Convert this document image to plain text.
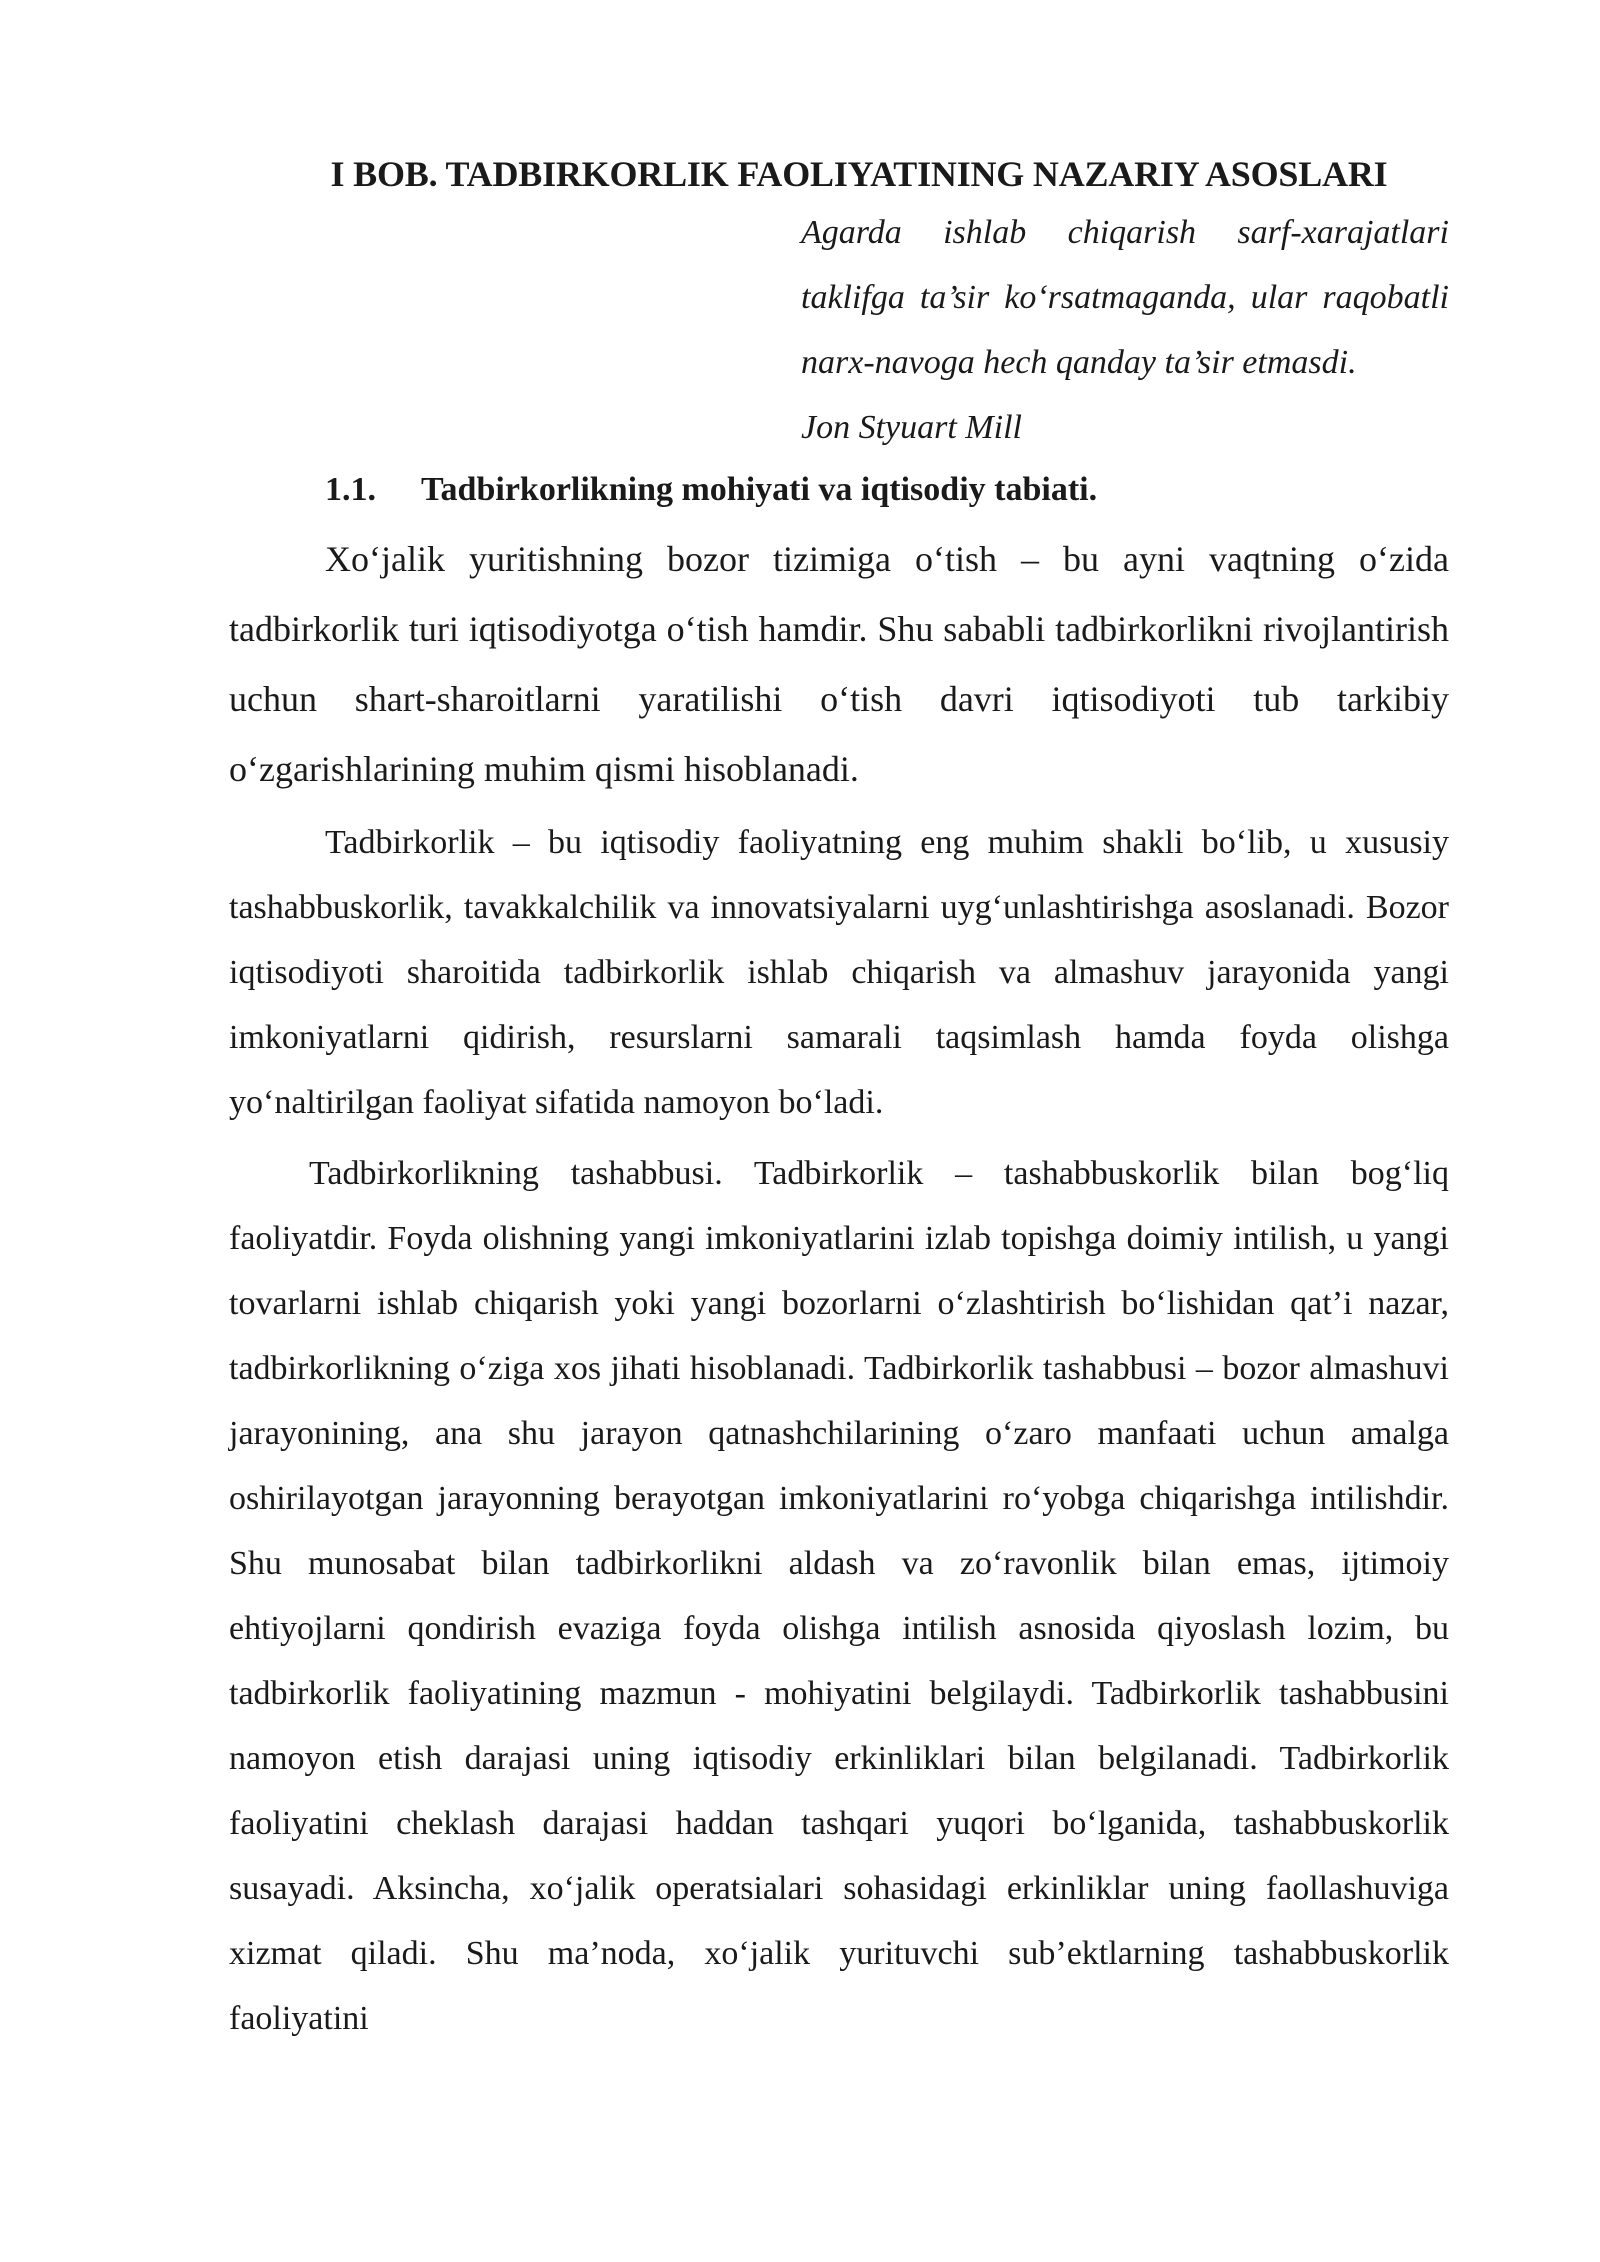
I BOB. TADBIRKORLIK FAOLIYATINING NAZARIY ASOSLARI
Agarda ishlab chiqarish sarf-xarajatlari taklifga ta’sir ko‘rsatmaganda, ular raqobatli narx-navoga hech qanday ta’sir etmasdi.
Jon Styuart Mill
1.1.	Tadbirkorlikning mohiyati va iqtisodiy tabiati.

Xo‘jalik yuritishning bozor tizimiga o‘tish – bu ayni vaqtning o‘zida tadbirkorlik turi iqtisodiyotga o‘tish hamdir. Shu sababli tadbirkorlikni rivojlantirish uchun shart-sharoitlarni yaratilishi o‘tish davri iqtisodiyoti tub tarkibiy o‘zgarishlarining muhim qismi hisoblanadi.

Tadbirkorlik – bu iqtisodiy faoliyatning eng muhim shakli bo‘lib, u xususiy tashabbuskorlik, tavakkalchilik va innovatsiyalarni uyg‘unlashtirishga asoslanadi. Bozor iqtisodiyoti sharoitida tadbirkorlik ishlab chiqarish va almashuv jarayonida yangi imkoniyatlarni qidirish, resurslarni samarali taqsimlash hamda foyda olishga yo‘naltirilgan faoliyat sifatida namoyon bo‘ladi.

Tadbirkorlikning tashabbusi. Tadbirkorlik – tashabbuskorlik bilan bog‘liq faoliyatdir. Foyda olishning yangi imkoniyatlarini izlab topishga doimiy intilish, u yangi tovarlarni ishlab chiqarish yoki yangi bozorlarni o‘zlashtirish bo‘lishidan qat’i nazar, tadbirkorlikning o‘ziga xos jihati hisoblanadi. Tadbirkorlik tashabbusi – bozor almashuvi jarayonining, ana shu jarayon qatnashchilarining o‘zaro manfaati uchun amalga oshirilayotgan jarayonning berayotgan imkoniyatlarini ro‘yobga chiqarishga intilishdir. Shu munosabat bilan tadbirkorlikni aldash va zo‘ravonlik bilan emas, ijtimoiy ehtiyojlarni qondirish evaziga foyda olishga intilish asnosida qiyoslash lozim, bu tadbirkorlik faoliyatining mazmun - mohiyatini belgilaydi. Tadbirkorlik tashabbusini namoyon etish darajasi uning iqtisodiy erkinliklari bilan belgilanadi. Tadbirkorlik faoliyatini cheklash darajasi haddan tashqari yuqori bo‘lganida, tashabbuskorlik susayadi. Aksincha, xo‘jalik operatsialari sohasidagi erkinliklar uning faollashuviga xizmat qiladi. Shu ma’noda, xo‘jalik yurituvchi sub’ektlarning tashabbuskorlik faoliyatini
